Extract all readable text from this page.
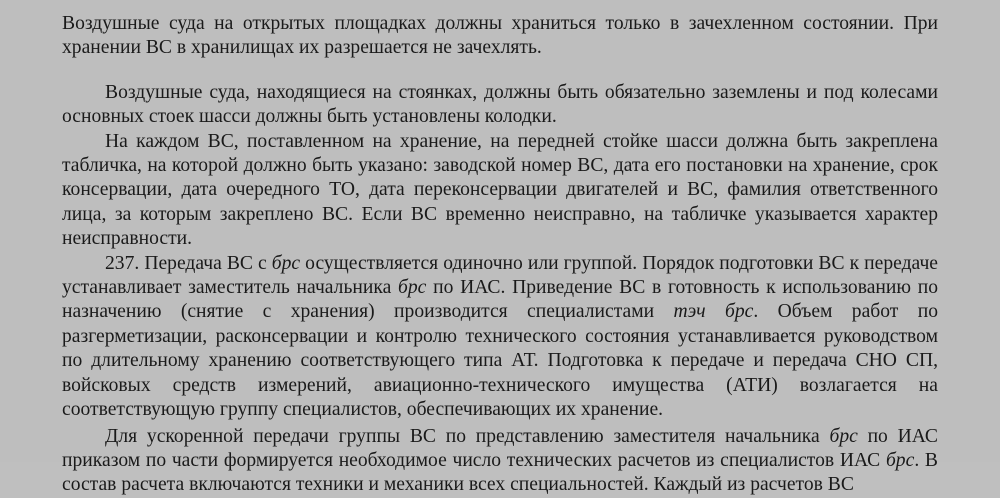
Воздушные суда на открытых площадках должны храниться только в зачехленном состоянии. При хранении ВС в хранилищах их разрешается не зачехлять.

Воздушные суда, находящиеся на стоянках, должны быть обязательно заземлены и под колесами основных стоек шасси должны быть установлены колодки.

На каждом ВС, поставленном на хранение, на передней стойке шасси должна быть закреплена табличка, на которой должно быть указано: заводской номер ВС, дата его постановки на хранение, срок консервации, дата очередного ТО, дата переконсервации двигателей и ВС, фамилия ответственного лица, за которым закреплено ВС. Если ВС временно неисправно, на табличке указывается характер неисправности.

237. Передача ВС с брс осуществляется одиночно или группой. Порядок подготовки ВС к передаче устанавливает заместитель начальника брс по ИАС. Приведение ВС в готовность к использованию по назначению (снятие с хранения) производится специалистами тэч брс. Объем работ по разгерметизации, расконсервации и контролю технического состояния устанавливается руководством по длительному хранению соответствующего типа АТ. Подготовка к передаче и передача СНО СП, войсковых средств измерений, авиационно-технического имущества (АТИ) возлагается на соответствующую группу специалистов, обеспечивающих их хранение.

Для ускоренной передачи группы ВС по представлению заместителя начальника брс по ИАС приказом по части формируется необходимое число технических расчетов из специалистов ИАС брс. В состав расчета включаются техники и механики всех специальностей. Каждый из расчетов ВС
